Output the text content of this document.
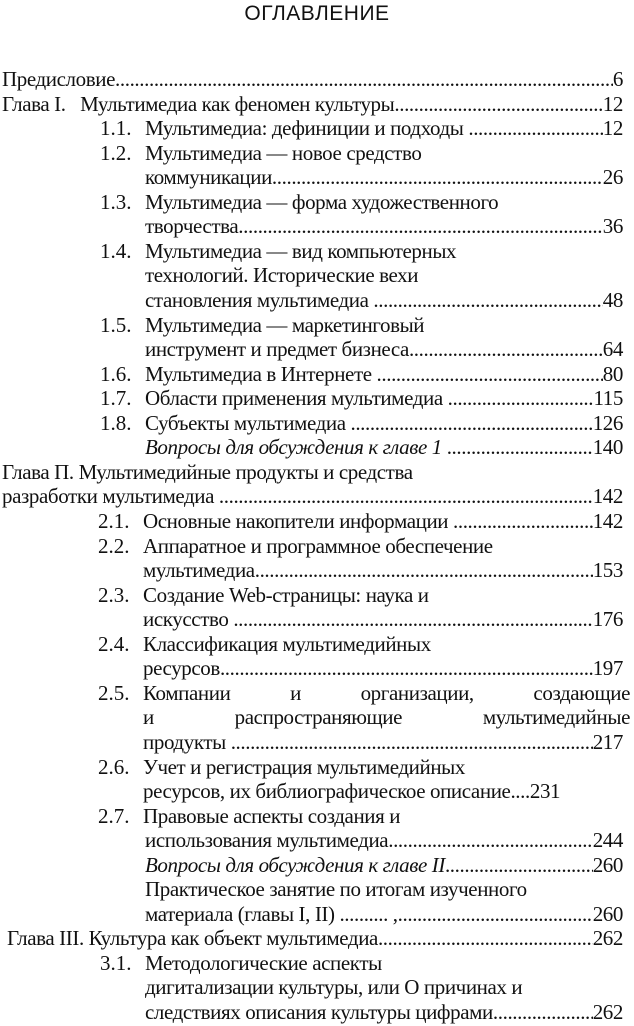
ОГЛАВЛЕНИЕ
Предисловие .....	6
Глава I.   Мультимедиа как феномен культуры .....	12
1.1. Мультимедиа: дефиниции и подходы .....	12
1.2. Мультимедиа — новое средство
коммуникации .....	26
1.3. Мультимедиа — форма художественного
творчества .....	36
1.4. Мультимедиа — вид компьютерных
технологий. Исторические вехи
становления мультимедиа .....	48
1.5. Мультимедиа — маркетинговый
инструмент и предмет бизнеса .....	64
1.6. Мультимедиа в Интернете .....	80
1.7. Области применения мультимедиа .....	115
1.8. Субъекты мультимедиа .....	126
Вопросы для обсуждения к главе 1 .....	140
Глава П. Мультимедийные продукты и средства
разработки мультимедиа .....	142
2.1. Основные накопители информации .....	142
2.2. Аппаратное и программное обеспечение
мультимедиа .....	153
2.3. Создание Web-страницы: наука и
искусство .....	176
2.4. Классификация мультимедийных
ресурсов .....	197
2.5. Компании и организации, создающие
и распространяющие мультимедийные
продукты .....	217
2.6. Учет и регистрация мультимедийных
ресурсов, их библиографическое описание....231
2.7. Правовые аспекты создания и
использования мультимедиа .....	244
Вопросы для обсуждения к главе II .....	260
Практическое занятие по итогам изученного
материала (главы I, II) .......... , .....	260
Глава III. Культура как объект мультимедиа .....	262
3.1. Методологические аспекты
дигитализации культуры, или О причинах и
следствиях описания культуры цифрами .....	262
